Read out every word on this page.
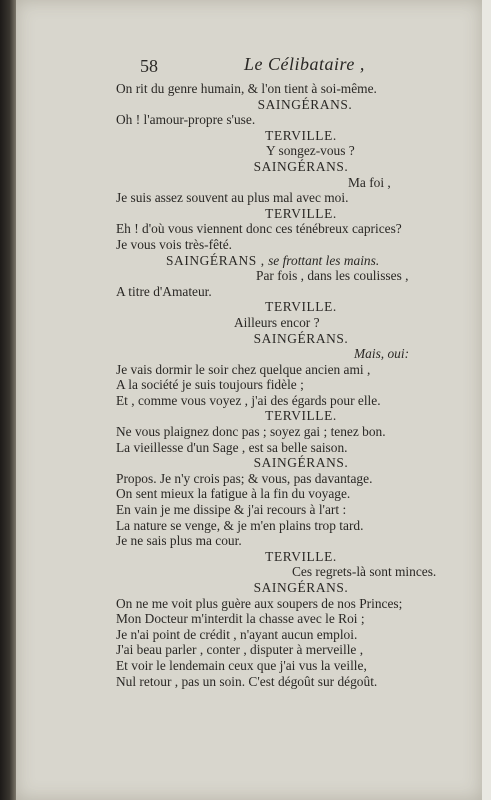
58	Le Célibataire ,
On rit du genre humain, & l'on tient à soi-même.
SAINGÉRANS.
Oh ! l'amour-propre s'use.
TERVILLE.
Y songez-vous ?
SAINGÉRANS.
Ma foi ,
Je suis assez souvent au plus mal avec moi.
TERVILLE.
Eh ! d'où vous viennent donc ces ténébreux caprices?
Je vous vois très-fêté.
SAINGÉRANS , se frottant les mains.
Par fois , dans les coulisses ,
A titre d'Amateur.
TERVILLE.
Ailleurs encor ?
SAINGÉRANS.
Mais, oui:
Je vais dormir le soir chez quelque ancien ami ,
A la société je suis toujours fidèle ;
Et , comme vous voyez , j'ai des égards pour elle.
TERVILLE.
Ne vous plaignez donc pas ; soyez gai ; tenez bon.
La vieillesse d'un Sage , est sa belle saison.
SAINGÉRANS.
Propos. Je n'y crois pas; & vous, pas davantage.
On sent mieux la fatigue à la fin du voyage.
En vain je me dissipe & j'ai recours à l'art :
La nature se venge, & je m'en plains trop tard.
Je ne sais plus ma cour.
TERVILLE.
Ces regrets-là sont minces.
SAINGÉRANS.
On ne me voit plus guère aux soupers de nos Princes;
Mon Docteur m'interdit la chasse avec le Roi ;
Je n'ai point de crédit , n'ayant aucun emploi.
J'ai beau parler , conter , disputer à merveille ,
Et voir le lendemain ceux que j'ai vus la veille,
Nul retour , pas un soin. C'est dégoût sur dégoût.
